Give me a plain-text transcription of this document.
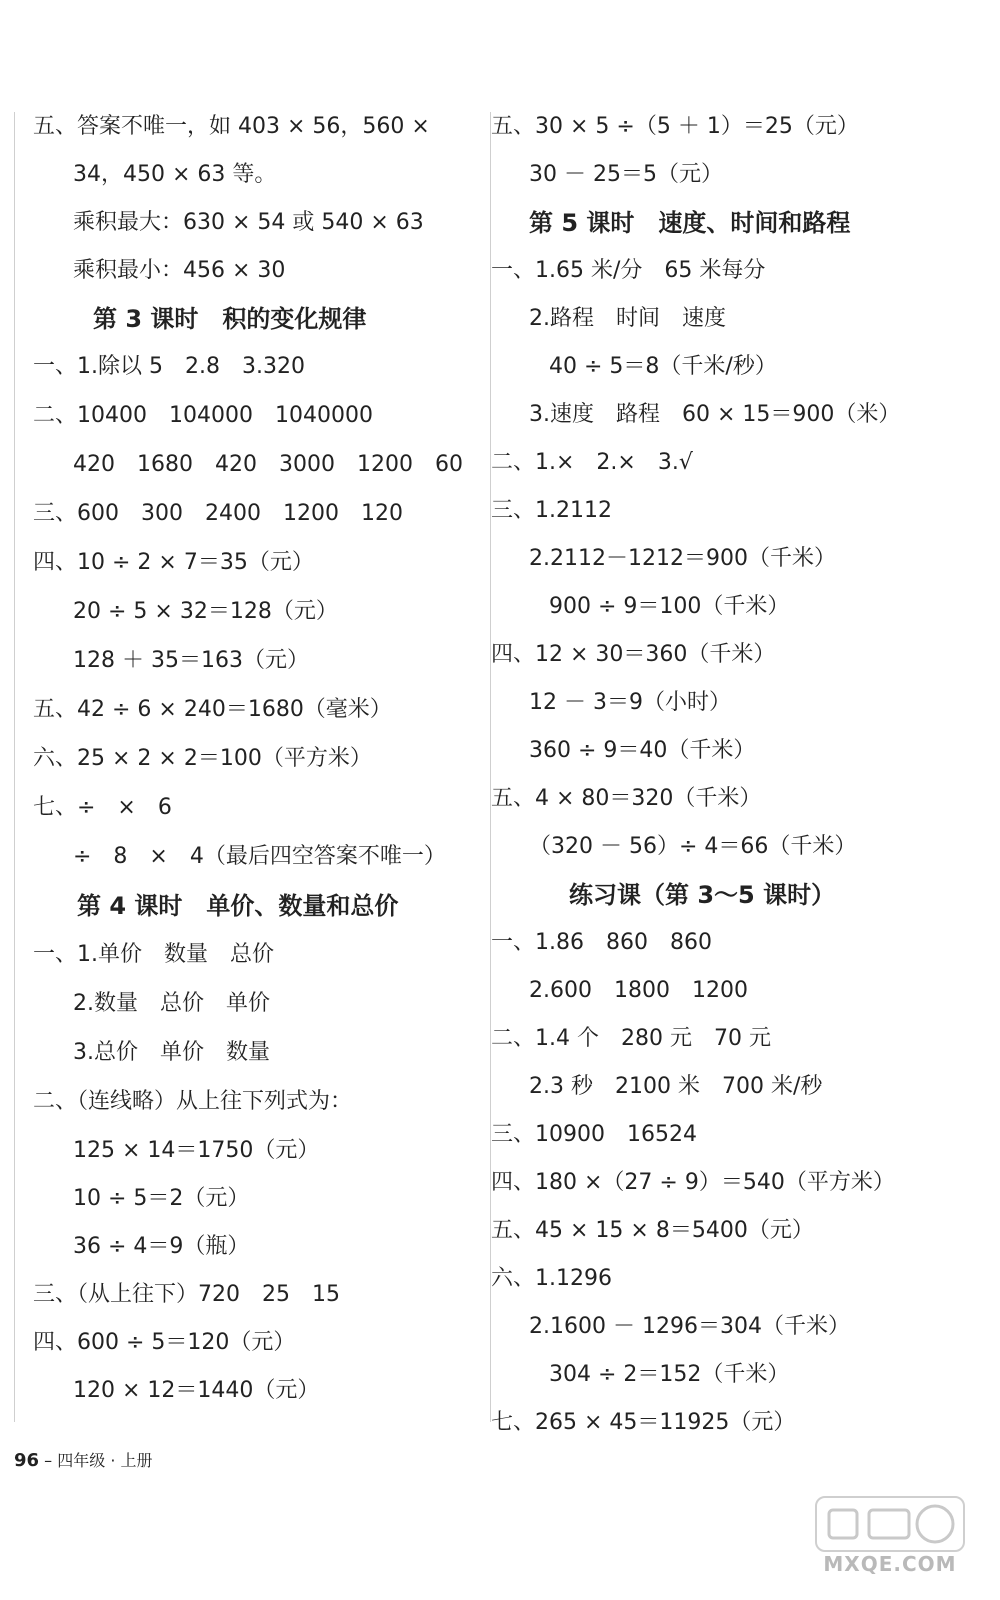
五、答案不唯一，如 403 × 56，560 ×
34，450 × 63 等。
乘积最大：630 × 54 或 540 × 63
乘积最小：456 × 30
第 3 课时　积的变化规律
一、1.除以 5　2.8　3.320
二、10400　104000　1040000
420　1680　420　3000　1200　60
三、600　300　2400　1200　120
四、10 ÷ 2 × 7＝35（元）
20 ÷ 5 × 32＝128（元）
128 ＋ 35＝163（元）
五、42 ÷ 6 × 240＝1680（毫米）
六、25 × 2 × 2＝100（平方米）
七、÷　×　6
÷　8　×　4（最后四空答案不唯一）
第 4 课时　单价、数量和总价
一、1.单价　数量　总价
2.数量　总价　单价
3.总价　单价　数量
二、（连线略）从上往下列式为：
125 × 14＝1750（元）
10 ÷ 5＝2（元）
36 ÷ 4＝9（瓶）
三、（从上往下）720　25　15
四、600 ÷ 5＝120（元）
120 × 12＝1440（元）
五、30 × 5 ÷（5 ＋ 1）＝25（元）
30 － 25＝5（元）
第 5 课时　速度、时间和路程
一、1.65 米/分　65 米每分
2.路程　时间　速度
40 ÷ 5＝8（千米/秒）
3.速度　路程　60 × 15＝900（米）
二、1.×　2.×　3.√
三、1.2112
2.2112－1212＝900（千米）
900 ÷ 9＝100（千米）
四、12 × 30＝360（千米）
12 － 3＝9（小时）
360 ÷ 9＝40（千米）
五、4 × 80＝320（千米）
（320 － 56）÷ 4＝66（千米）
练习课（第 3～5 课时）
一、1.86　860　860
2.600　1800　1200
二、1.4 个　280 元　70 元
2.3 秒　2100 米　700 米/秒
三、10900　16524
四、180 ×（27 ÷ 9）＝540（平方米）
五、45 × 15 × 8＝5400（元）
六、1.1296
2.1600 － 1296＝304（千米）
304 ÷ 2＝152（千米）
七、265 × 45＝11925（元）
96 – 四年级 · 上册
MXQE.COM
